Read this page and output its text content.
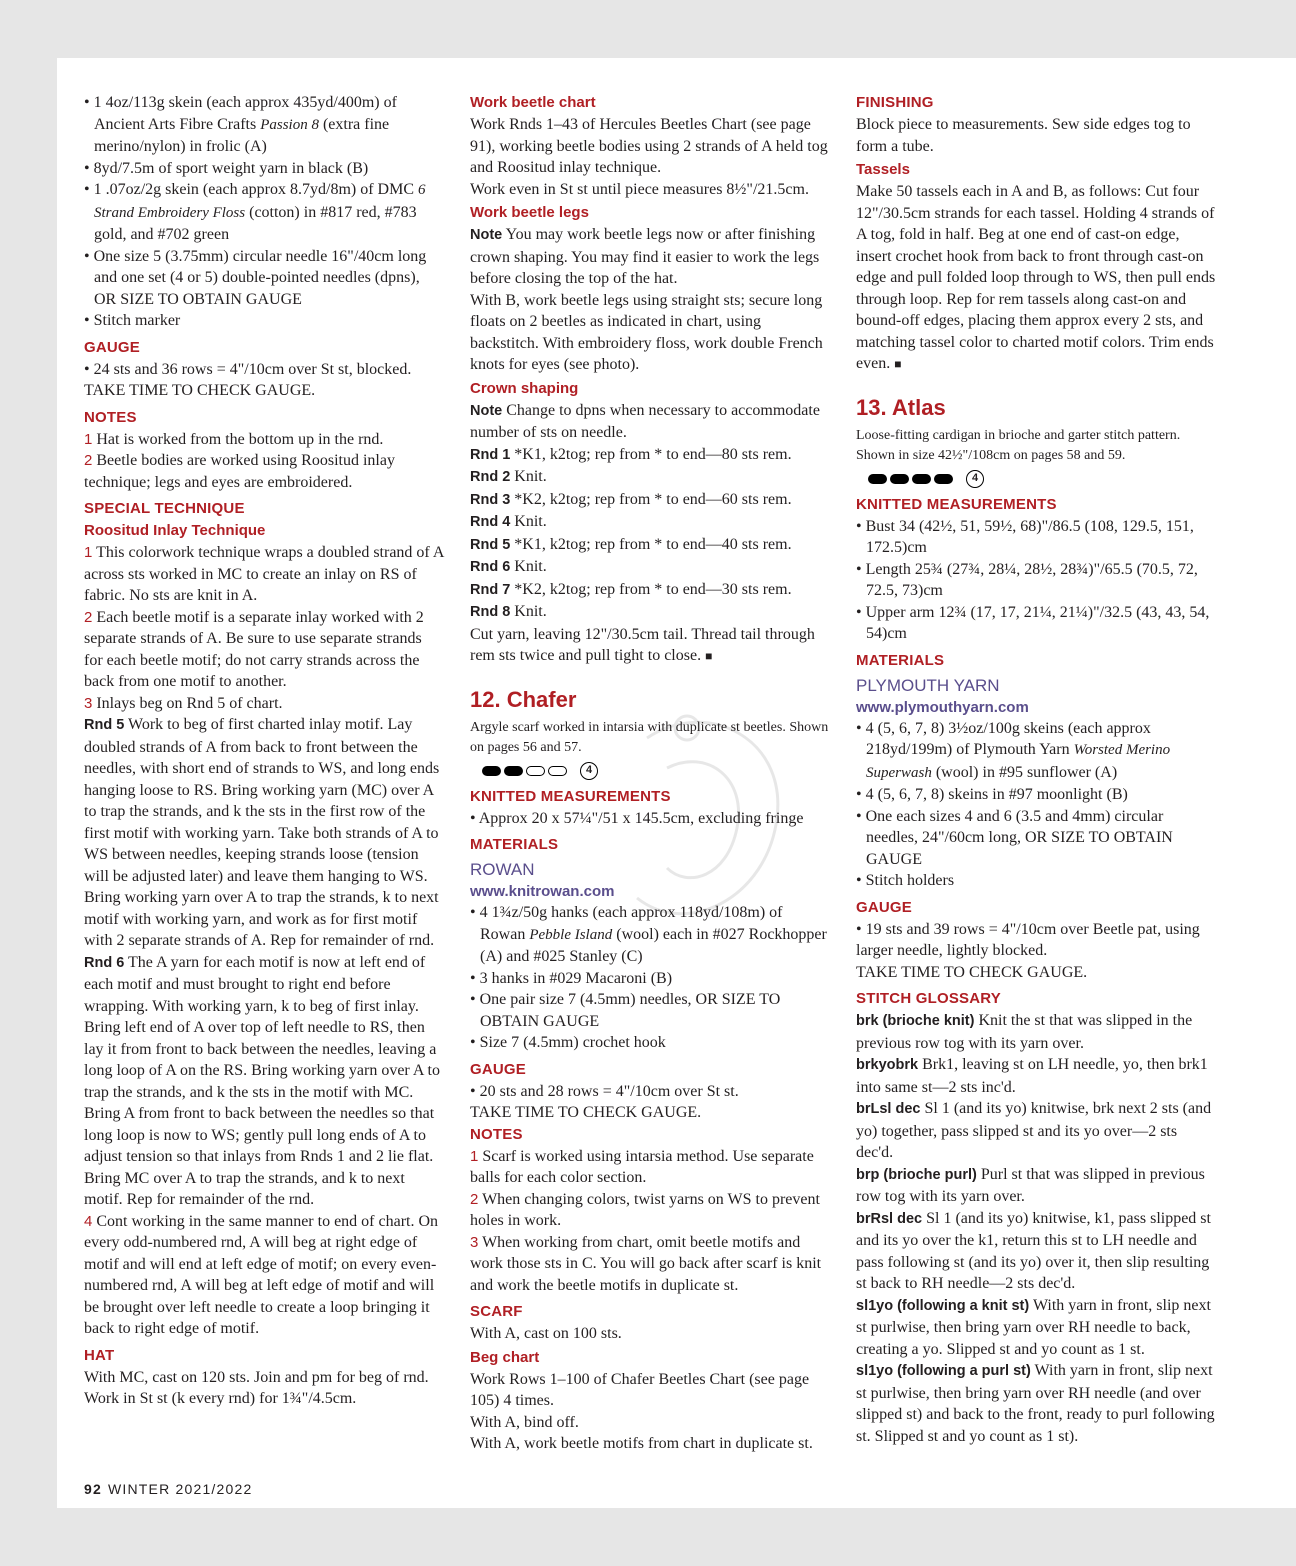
• 1 4oz/113g skein (each approx 435yd/400m) of Ancient Arts Fibre Crafts Passion 8 (extra fine merino/nylon) in frolic (A)

• 8yd/7.5m of sport weight yarn in black (B)

• 1 .07oz/2g skein (each approx 8.7yd/8m) of DMC 6 Strand Embroidery Floss (cotton) in #817 red, #783 gold, and #702 green

• One size 5 (3.75mm) circular needle 16"/40cm long and one set (4 or 5) double-pointed needles (dpns), OR SIZE TO OBTAIN GAUGE

• Stitch marker

GAUGE

• 24 sts and 36 rows = 4"/10cm over St st, blocked.

TAKE TIME TO CHECK GAUGE.

NOTES

1 Hat is worked from the bottom up in the rnd.

2 Beetle bodies are worked using Roositud inlay technique; legs and eyes are embroidered.

SPECIAL TECHNIQUE
Roositud Inlay Technique

1 This colorwork technique wraps a doubled strand of A across sts worked in MC to create an inlay on RS of fabric. No sts are knit in A.

2 Each beetle motif is a separate inlay worked with 2 separate strands of A. Be sure to use separate strands for each beetle motif; do not carry strands across the back from one motif to another.

3 Inlays beg on Rnd 5 of chart.

Rnd 5 Work to beg of first charted inlay motif. Lay doubled strands of A from back to front between the needles, with short end of strands to WS, and long ends hanging loose to RS. Bring working yarn (MC) over A to trap the strands, and k the sts in the first row of the first motif with working yarn. Take both strands of A to WS between needles, keeping strands loose (tension will be adjusted later) and leave them hanging to WS. Bring working yarn over A to trap the strands, k to next motif with working yarn, and work as for first motif with 2 separate strands of A. Rep for remainder of rnd.

Rnd 6 The A yarn for each motif is now at left end of each motif and must brought to right end before wrapping. With working yarn, k to beg of first inlay. Bring left end of A over top of left needle to RS, then lay it from front to back between the needles, leaving a long loop of A on the RS. Bring working yarn over A to trap the strands, and k the sts in the motif with MC. Bring A from front to back between the needles so that long loop is now to WS; gently pull long ends of A to adjust tension so that inlays from Rnds 1 and 2 lie flat. Bring MC over A to trap the strands, and k to next motif. Rep for remainder of the rnd.

4 Cont working in the same manner to end of chart. On every odd-numbered rnd, A will beg at right edge of motif and will end at left edge of motif; on every even-numbered rnd, A will beg at left edge of motif and will be brought over left needle to create a loop bringing it back to right edge of motif.

HAT

With MC, cast on 120 sts. Join and pm for beg of rnd. Work in St st (k every rnd) for 1¾"/4.5cm.

Work beetle chart

Work Rnds 1–43 of Hercules Beetles Chart (see page 91), working beetle bodies using 2 strands of A held tog and Roositud inlay technique.

Work even in St st until piece measures 8½"/21.5cm.

Work beetle legs

Note You may work beetle legs now or after finishing crown shaping. You may find it easier to work the legs before closing the top of the hat.

With B, work beetle legs using straight sts; secure long floats on 2 beetles as indicated in chart, using backstitch. With embroidery floss, work double French knots for eyes (see photo).

Crown shaping

Note Change to dpns when necessary to accommodate number of sts on needle.

Rnd 1 *K1, k2tog; rep from * to end—80 sts rem.

Rnd 2 Knit.

Rnd 3 *K2, k2tog; rep from * to end—60 sts rem.

Rnd 4 Knit.

Rnd 5 *K1, k2tog; rep from * to end—40 sts rem.

Rnd 6 Knit.

Rnd 7 *K2, k2tog; rep from * to end—30 sts rem.

Rnd 8 Knit.

Cut yarn, leaving 12"/30.5cm tail. Thread tail through rem sts twice and pull tight to close. ■

12. Chafer

Argyle scarf worked in intarsia with duplicate st beetles. Shown on pages 56 and 57.

4
KNITTED MEASUREMENTS

• Approx 20 x 57¼"/51 x 145.5cm, excluding fringe

MATERIALS

ROWAN

www.knitrowan.com

• 4 1¾z/50g hanks (each approx 118yd/108m) of Rowan Pebble Island (wool) each in #027 Rockhopper (A) and #025 Stanley (C)

• 3 hanks in #029 Macaroni (B)

• One pair size 7 (4.5mm) needles, OR SIZE TO OBTAIN GAUGE

• Size 7 (4.5mm) crochet hook

GAUGE

• 20 sts and 28 rows = 4"/10cm over St st.

TAKE TIME TO CHECK GAUGE.

NOTES

1 Scarf is worked using intarsia method. Use separate balls for each color section.

2 When changing colors, twist yarns on WS to prevent holes in work.

3 When working from chart, omit beetle motifs and work those sts in C. You will go back after scarf is knit and work the beetle motifs in duplicate st.

SCARF

With A, cast on 100 sts.

Beg chart

Work Rows 1–100 of Chafer Beetles Chart (see page 105) 4 times.

With A, bind off.

With A, work beetle motifs from chart in duplicate st.

FINISHING

Block piece to measurements. Sew side edges tog to form a tube.

Tassels

Make 50 tassels each in A and B, as follows: Cut four 12"/30.5cm strands for each tassel. Holding 4 strands of A tog, fold in half. Beg at one end of cast-on edge, insert crochet hook from back to front through cast-on edge and pull folded loop through to WS, then pull ends through loop. Rep for rem tassels along cast-on and bound-off edges, placing them approx every 2 sts, and matching tassel color to charted motif colors. Trim ends even. ■

13. Atlas

Loose-fitting cardigan in brioche and garter stitch pattern. Shown in size 42½"/108cm on pages 58 and 59.

4
KNITTED MEASUREMENTS

• Bust 34 (42½, 51, 59½, 68)"/86.5 (108, 129.5, 151, 172.5)cm

• Length 25¾ (27¾, 28¼, 28½, 28¾)"/65.5 (70.5, 72, 72.5, 73)cm

• Upper arm 12¾ (17, 17, 21¼, 21¼)"/32.5 (43, 43, 54, 54)cm

MATERIALS

PLYMOUTH YARN

www.plymouthyarn.com

• 4 (5, 6, 7, 8) 3½oz/100g skeins (each approx 218yd/199m) of Plymouth Yarn Worsted Merino Superwash (wool) in #95 sunflower (A)

• 4 (5, 6, 7, 8) skeins in #97 moonlight (B)

• One each sizes 4 and 6 (3.5 and 4mm) circular needles, 24"/60cm long, OR SIZE TO OBTAIN GAUGE

• Stitch holders

GAUGE

• 19 sts and 39 rows = 4"/10cm over Beetle pat, using larger needle, lightly blocked.

TAKE TIME TO CHECK GAUGE.

STITCH GLOSSARY

brk (brioche knit) Knit the st that was slipped in the previous row tog with its yarn over.

brkyobrk Brk1, leaving st on LH needle, yo, then brk1 into same st—2 sts inc'd.

brLsl dec Sl 1 (and its yo) knitwise, brk next 2 sts (and yo) together, pass slipped st and its yo over—2 sts dec'd.

brp (brioche purl) Purl st that was slipped in previous row tog with its yarn over.

brRsl dec Sl 1 (and its yo) knitwise, k1, pass slipped st and its yo over the k1, return this st to LH needle and pass following st (and its yo) over it, then slip resulting st back to RH needle—2 sts dec'd.

sl1yo (following a knit st) With yarn in front, slip next st purlwise, then bring yarn over RH needle to back, creating a yo. Slipped st and yo count as 1 st.

sl1yo (following a purl st) With yarn in front, slip next st purlwise, then bring yarn over RH needle (and over slipped st) and back to the front, ready to purl following st. Slipped st and yo count as 1 st).

92 WINTER 2021/2022
